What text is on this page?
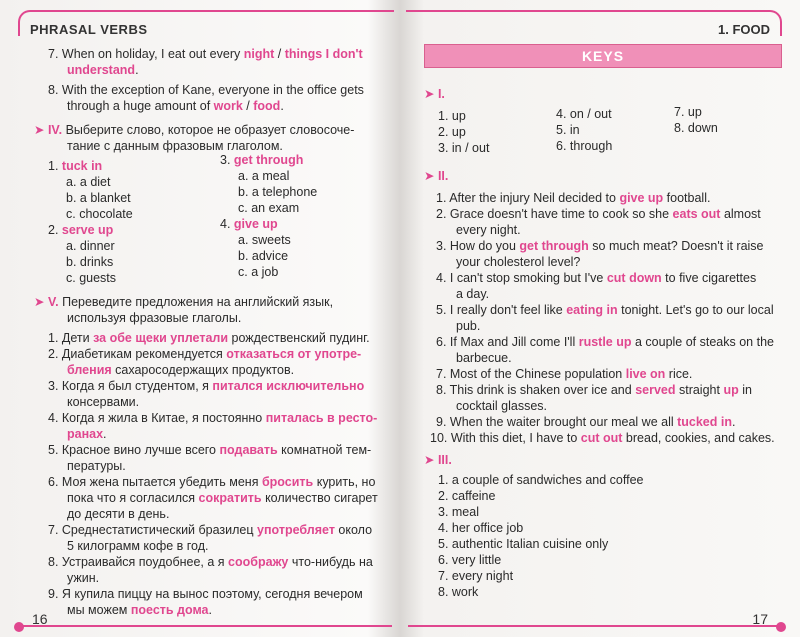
PHRASAL VERBS
7. When on holiday, I eat out every night / things I don't
understand.
8. With the exception of Kane, everyone in the office gets
through a huge amount of work / food.
➤ IV. Выберите слово, которое не образует словосоче-
тание с данным фразовым глаголом.
1. tuck in
a. a diet
b. a blanket
c. chocolate
2. serve up
a. dinner
b. drinks
c. guests
3. get through
a. a meal
b. a telephone
c. an exam
4. give up
a. sweets
b. advice
c. a job
➤ V. Переведите предложения на английский язык,
используя фразовые глаголы.
1. Дети за обе щеки уплетали рождественский пудинг.
2. Диабетикам рекомендуется отказаться от употре-
бления сахаросодержащих продуктов.
3. Когда я был студентом, я питался исключительно
консервами.
4. Когда я жила в Китае, я постоянно питалась в ресто-
ранах.
5. Красное вино лучше всего подавать комнатной тем-
пературы.
6. Моя жена пытается убедить меня бросить курить, но
пока что я согласился сократить количество сигарет
до десяти в день.
7. Среднестатистический бразилец употребляет около
5 килограмм кофе в год.
8. Устраивайся поудобнее, а я соображу что-нибудь на
ужин.
9. Я купила пиццу на вынос поэтому, сегодня вечером
мы можем поесть дома.
16
1. FOOD
KEYS
➤ I.
1. up
2. up
3. in / out
4. on / out
5. in
6. through
7. up
8. down
➤ II.
1. After the injury Neil decided to give up football.
2. Grace doesn't have time to cook so she eats out almost
every night.
3. How do you get through so much meat? Doesn't it raise
your cholesterol level?
4. I can't stop smoking but I've cut down to five cigarettes
a day.
5. I really don't feel like eating in tonight. Let's go to our local
pub.
6. If Max and Jill come I'll rustle up a couple of steaks on the
barbecue.
7. Most of the Chinese population live on rice.
8. This drink is shaken over ice and served straight up in
cocktail glasses.
9. When the waiter brought our meal we all tucked in.
10. With this diet, I have to cut out bread, cookies, and cakes.
➤ III.
1. a couple of sandwiches and coffee
2. caffeine
3. meal
4. her office job
5. authentic Italian cuisine only
6. very little
7. every night
8. work
17
